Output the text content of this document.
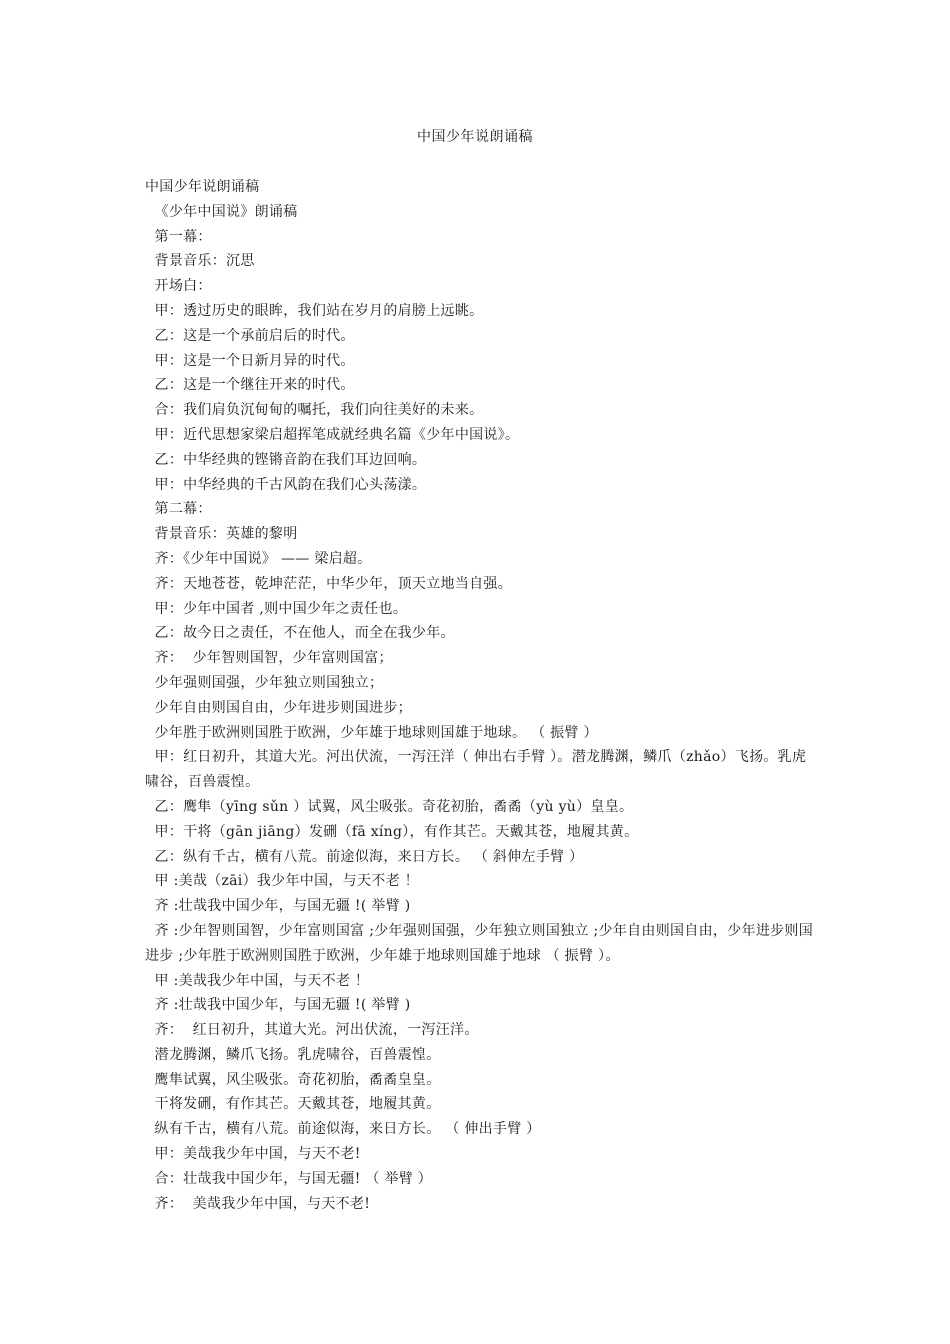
中国少年说朗诵稿

中国少年说朗诵稿

《少年中国说》朗诵稿

第一幕：

背景音乐：沉思

开场白：

甲：透过历史的眼眸，我们站在岁月的肩膀上远眺。

乙：这是一个承前启后的时代。

甲：这是一个日新月异的时代。

乙：这是一个继往开来的时代。

合：我们肩负沉甸甸的嘱托，我们向往美好的未来。

甲：近代思想家梁启超挥笔成就经典名篇《少年中国说》。

乙：中华经典的铿锵音韵在我们耳边回响。

甲：中华经典的千古风韵在我们心头荡漾。

第二幕：

背景音乐：英雄的黎明

齐：《少年中国说》 —— 梁启超。

齐：天地苍苍，乾坤茫茫，中华少年，顶天立地当自强。

甲：少年中国者 ,则中国少年之责任也。

乙：故今日之责任，不在他人，而全在我少年。

齐：  少年智则国智，少年富则国富；

少年强则国强，少年独立则国独立；

少年自由则国自由，少年进步则国进步；

少年胜于欧洲则国胜于欧洲，少年雄于地球则国雄于地球。 （ 振臂 ）

甲：红日初升，其道大光。河出伏流，一泻汪洋（ 伸出右手臂 ）。潜龙腾渊，鳞爪（zhǎo）飞扬。乳虎啸谷，百兽震惶。

乙：鹰隼（yīng sǔn ）试翼，风尘吸张。奇花初胎，矞矞（yù yù）皇皇。

甲：干将（gān jiāng）发硎（fā xíng），有作其芒。天戴其苍，地履其黄。

乙：纵有千古，横有八荒。前途似海，来日方长。 （ 斜伸左手臂 ）

甲 :美哉（zāi）我少年中国，与天不老 ！

齐 :壮哉我中国少年，与国无疆 !( 举臂 )

齐 :少年智则国智，少年富则国富 ;少年强则国强，少年独立则国独立 ;少年自由则国自由，少年进步则国进步 ;少年胜于欧洲则国胜于欧洲，少年雄于地球则国雄于地球 （ 振臂 ）。

甲 :美哉我少年中国，与天不老 ！

齐 :壮哉我中国少年，与国无疆 !( 举臂 )

齐：  红日初升，其道大光。河出伏流，一泻汪洋。

潜龙腾渊，鳞爪飞扬。乳虎啸谷，百兽震惶。

鹰隼试翼，风尘吸张。奇花初胎，矞矞皇皇。

干将发硎，有作其芒。天戴其苍，地履其黄。

纵有千古，横有八荒。前途似海，来日方长。 （ 伸出手臂 ）

甲：美哉我少年中国，与天不老!

合：壮哉我中国少年，与国无疆! （ 举臂 ）

齐：  美哉我少年中国，与天不老!
